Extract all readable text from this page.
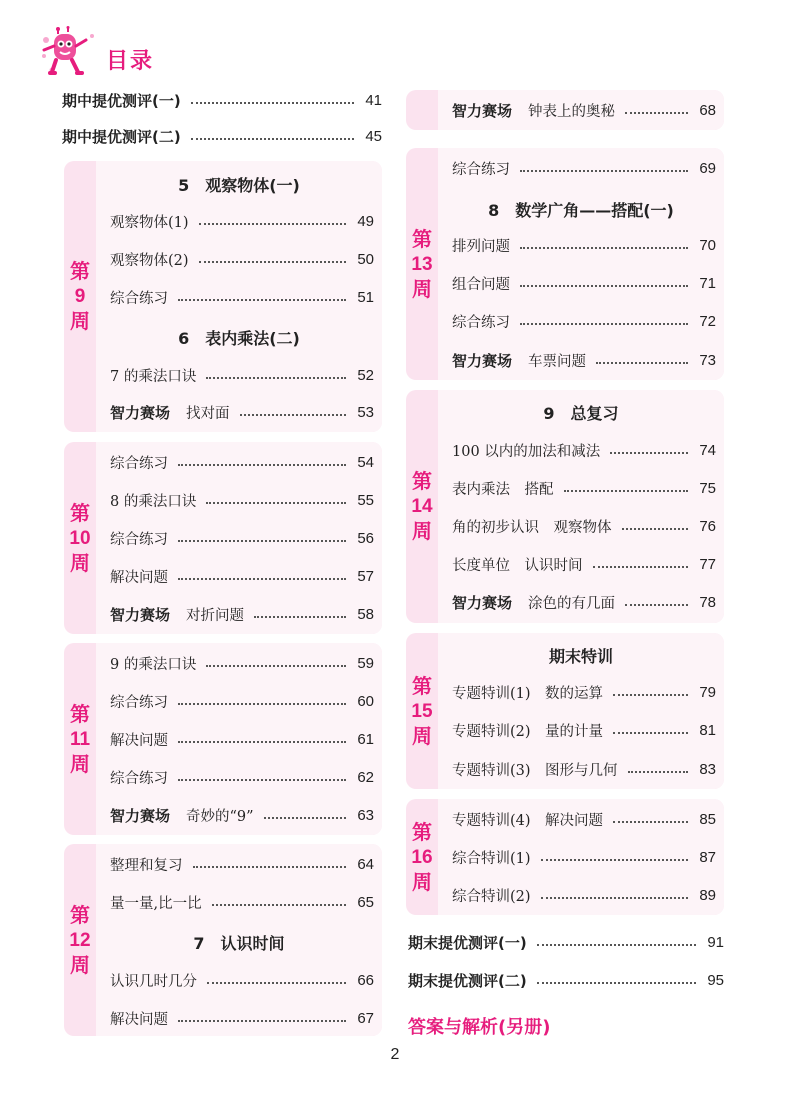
目录
期中提优测评(一)	41
期中提优测评(二)	45
第
9
周
5　观察物体(一)
观察物体(1)	49
观察物体(2)	50
综合练习	51
6　表内乘法(二)
7 的乘法口诀	52
智力赛场 找对面	53
第
10
周
综合练习	54
8 的乘法口诀	55
综合练习	56
解决问题	57
智力赛场 对折问题	58
第
11
周
9 的乘法口诀	59
综合练习	60
解决问题	61
综合练习	62
智力赛场 奇妙的“9”	63
第
12
周
整理和复习	64
量一量,比一比	65
7　认识时间
认识几时几分	66
解决问题	67
智力赛场 钟表上的奥秘	68
第
13
周
综合练习	69
8　数学广角——搭配(一)
排列问题	70
组合问题	71
综合练习	72
智力赛场 车票问题	73
第
14
周
9　总复习
100 以内的加法和减法	74
表内乘法　搭配	75
角的初步认识　观察物体	76
长度单位　认识时间	77
智力赛场 涂色的有几面	78
第
15
周
期末特训
专题特训(1)　数的运算	79
专题特训(2)　量的计量	81
专题特训(3)　图形与几何	83
第
16
周
专题特训(4)　解决问题	85
综合特训(1)	87
综合特训(2)	89
期末提优测评(一)	91
期末提优测评(二)	95
答案与解析(另册)
2
